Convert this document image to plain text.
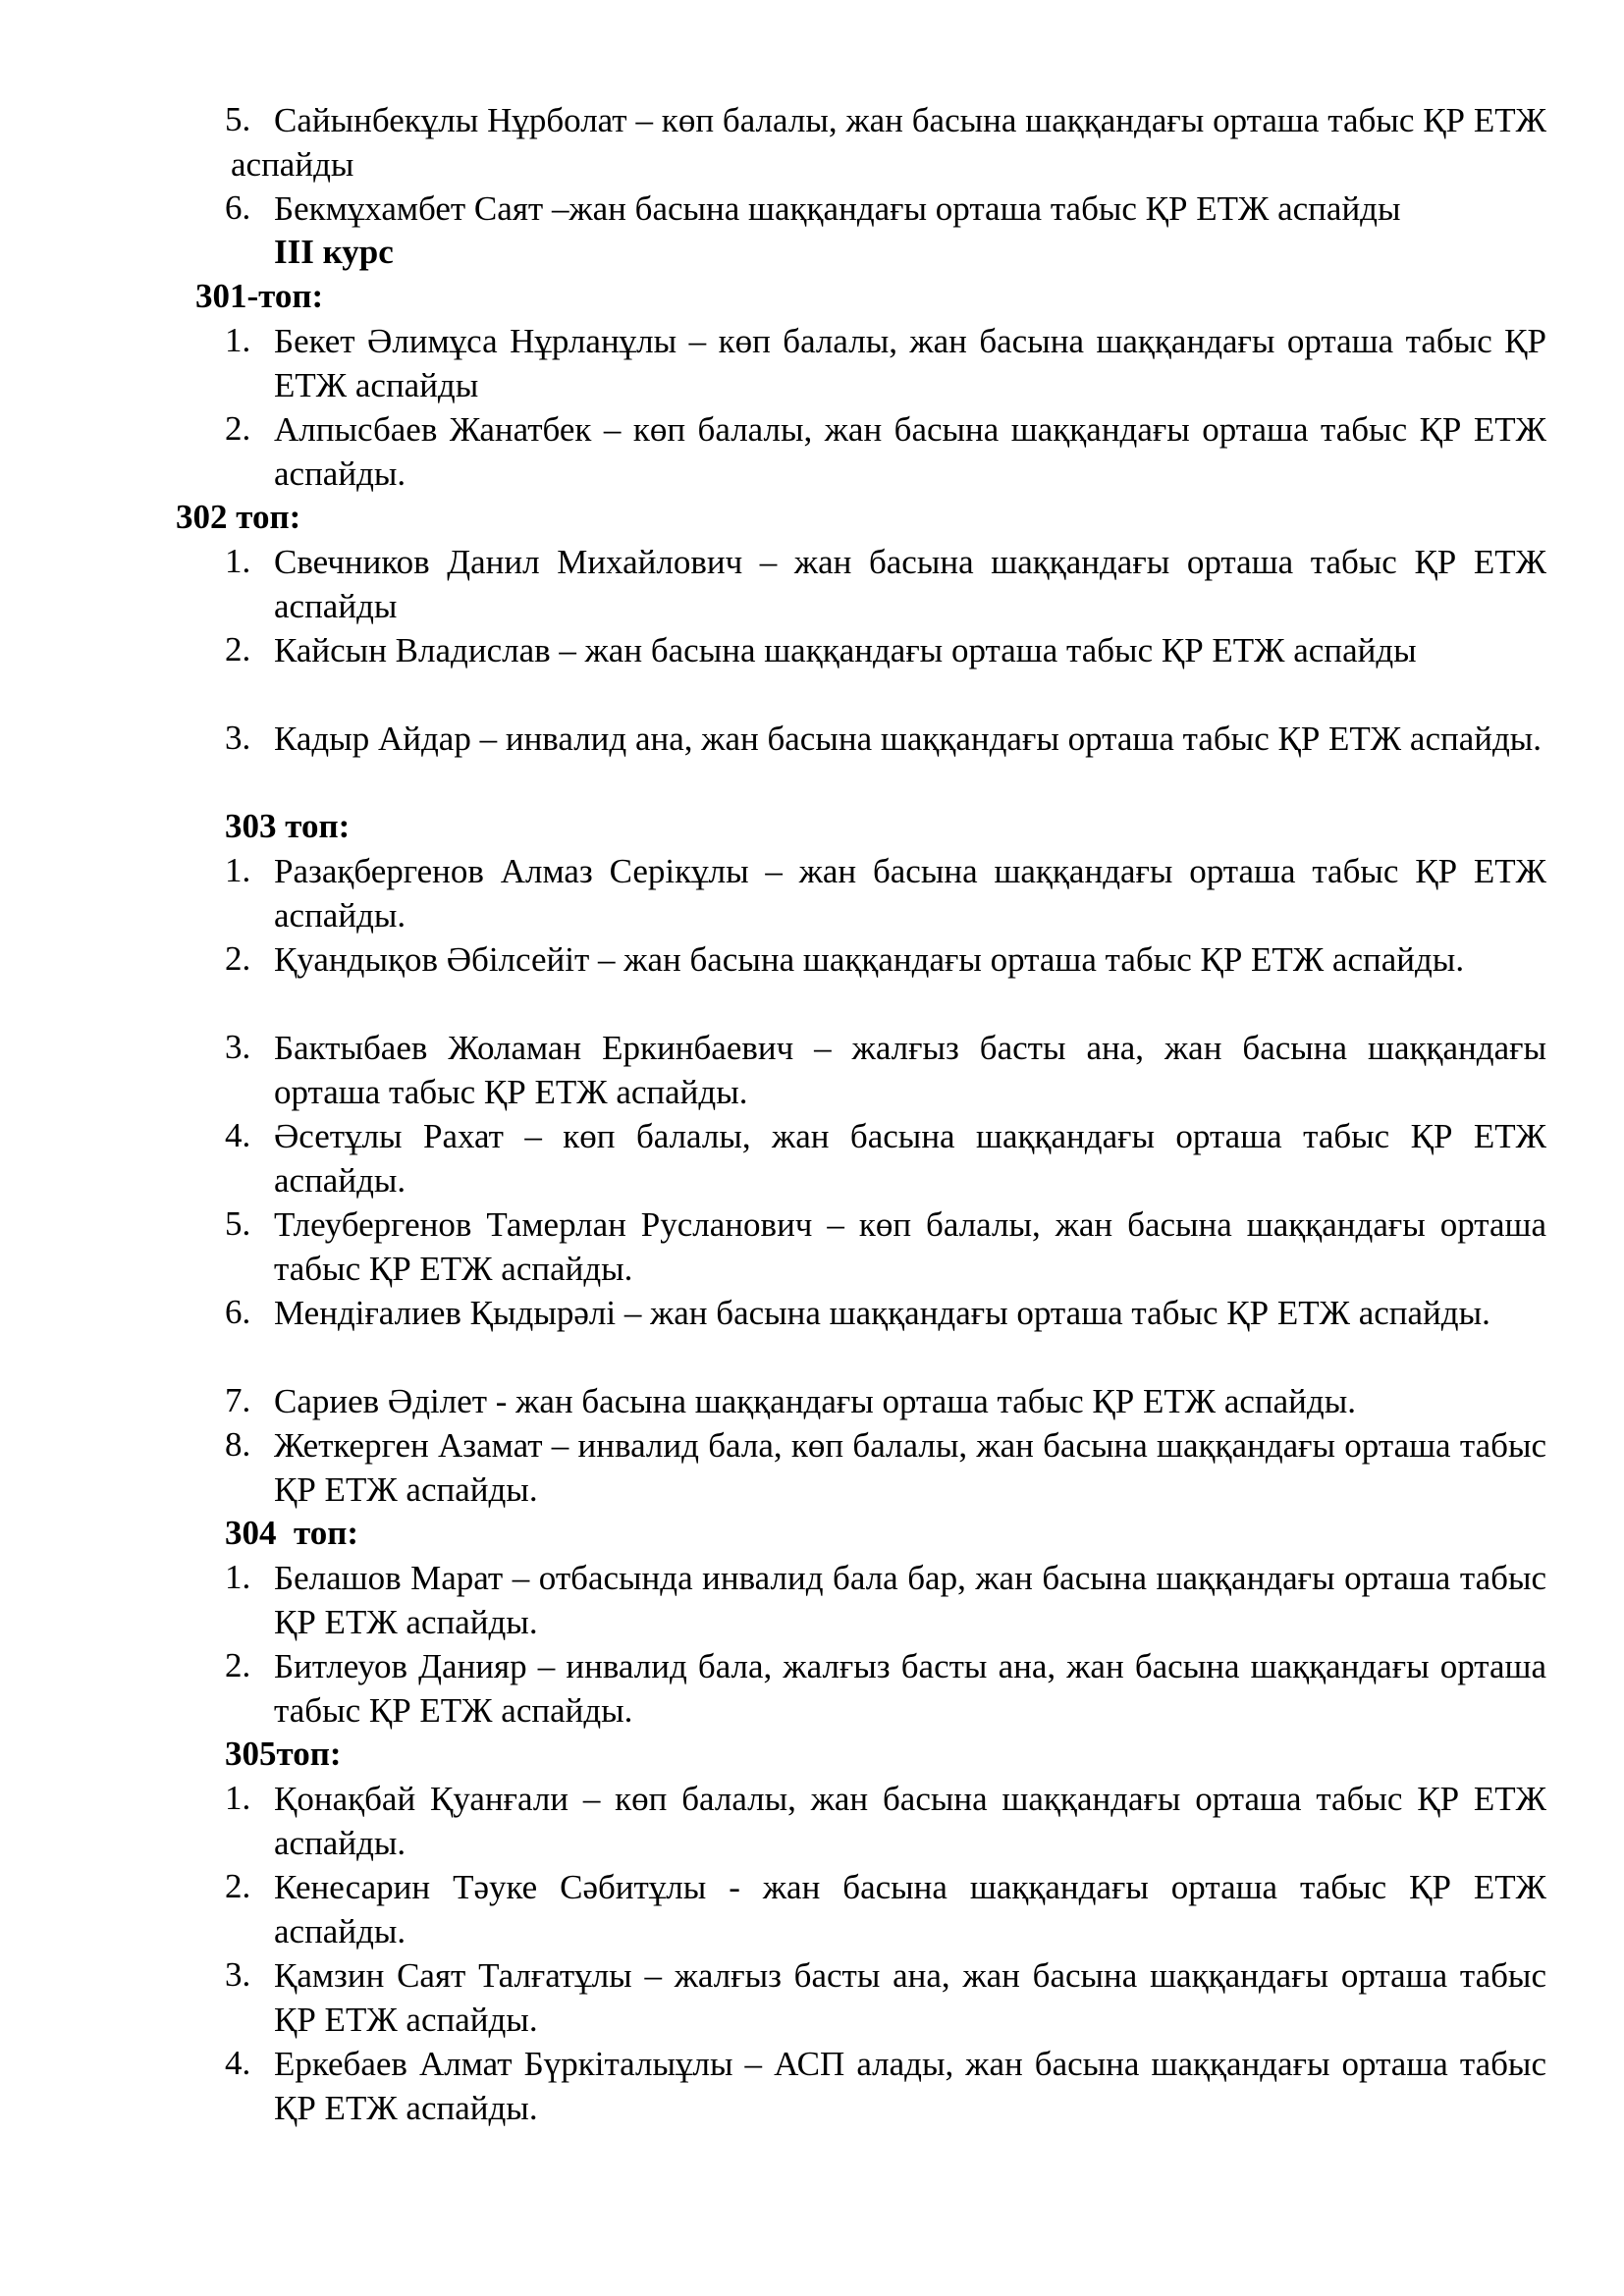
5. Сайынбекұлы Нұрболат – көп балалы, жан басына шаққандағы орташа табыс ҚР ЕТЖ аспайды
6. Бекмұхамбет Саят –жан басына шаққандағы орташа табыс ҚР ЕТЖ аспайды
III курс
301-топ:
1. Бекет Әлимұса Нұрланұлы – көп балалы, жан басына шаққандағы орташа табыс ҚР ЕТЖ аспайды
2. Алпысбаев Жанатбек – көп балалы, жан басына шаққандағы орташа табыс ҚР ЕТЖ аспайды.
302 топ:
1. Свечников Данил Михайлович – жан басына шаққандағы орташа табыс ҚР ЕТЖ аспайды
2. Кайсын Владислав – жан басына шаққандағы орташа табыс ҚР ЕТЖ аспайды
3. Кадыр Айдар – инвалид ана, жан басына шаққандағы орташа табыс ҚР ЕТЖ аспайды.
303 топ:
1. Разақбергенов Алмаз Серікұлы – жан басына шаққандағы орташа табыс ҚР ЕТЖ аспайды.
2. Қуандықов Әбілсейіт – жан басына шаққандағы орташа табыс ҚР ЕТЖ аспайды.
3. Бактыбаев Жоламан Еркинбаевич – жалғыз басты ана, жан басына шаққандағы орташа табыс ҚР ЕТЖ аспайды.
4. Әсетұлы Рахат – көп балалы, жан басына шаққандағы орташа табыс ҚР ЕТЖ аспайды.
5. Тлеубергенов Тамерлан Русланович – көп балалы, жан басына шаққандағы орташа табыс ҚР ЕТЖ аспайды.
6. Мендіғалиев Қыдырәлі – жан басына шаққандағы орташа табыс ҚР ЕТЖ аспайды.
7. Сариев Әділет - жан басына шаққандағы орташа табыс ҚР ЕТЖ аспайды.
8. Жеткерген Азамат – инвалид бала, көп балалы, жан басына шаққандағы орташа табыс ҚР ЕТЖ аспайды.
304  топ:
1. Белашов Марат – отбасында инвалид бала бар, жан басына шаққандағы орташа табыс ҚР ЕТЖ аспайды.
2. Битлеуов Данияр – инвалид бала, жалғыз басты ана, жан басына шаққандағы орташа табыс ҚР ЕТЖ аспайды.
305топ:
1. Қонақбай Қуанғали – көп балалы, жан басына шаққандағы орташа табыс ҚР ЕТЖ аспайды.
2. Кенесарин Тәуке Сәбитұлы - жан басына шаққандағы орташа табыс ҚР ЕТЖ аспайды.
3. Қамзин Саят Талғатұлы – жалғыз басты ана, жан басына шаққандағы орташа табыс ҚР ЕТЖ аспайды.
4. Еркебаев Алмат Бүркіталыұлы – АСП алады, жан басына шаққандағы орташа табыс ҚР ЕТЖ аспайды.
